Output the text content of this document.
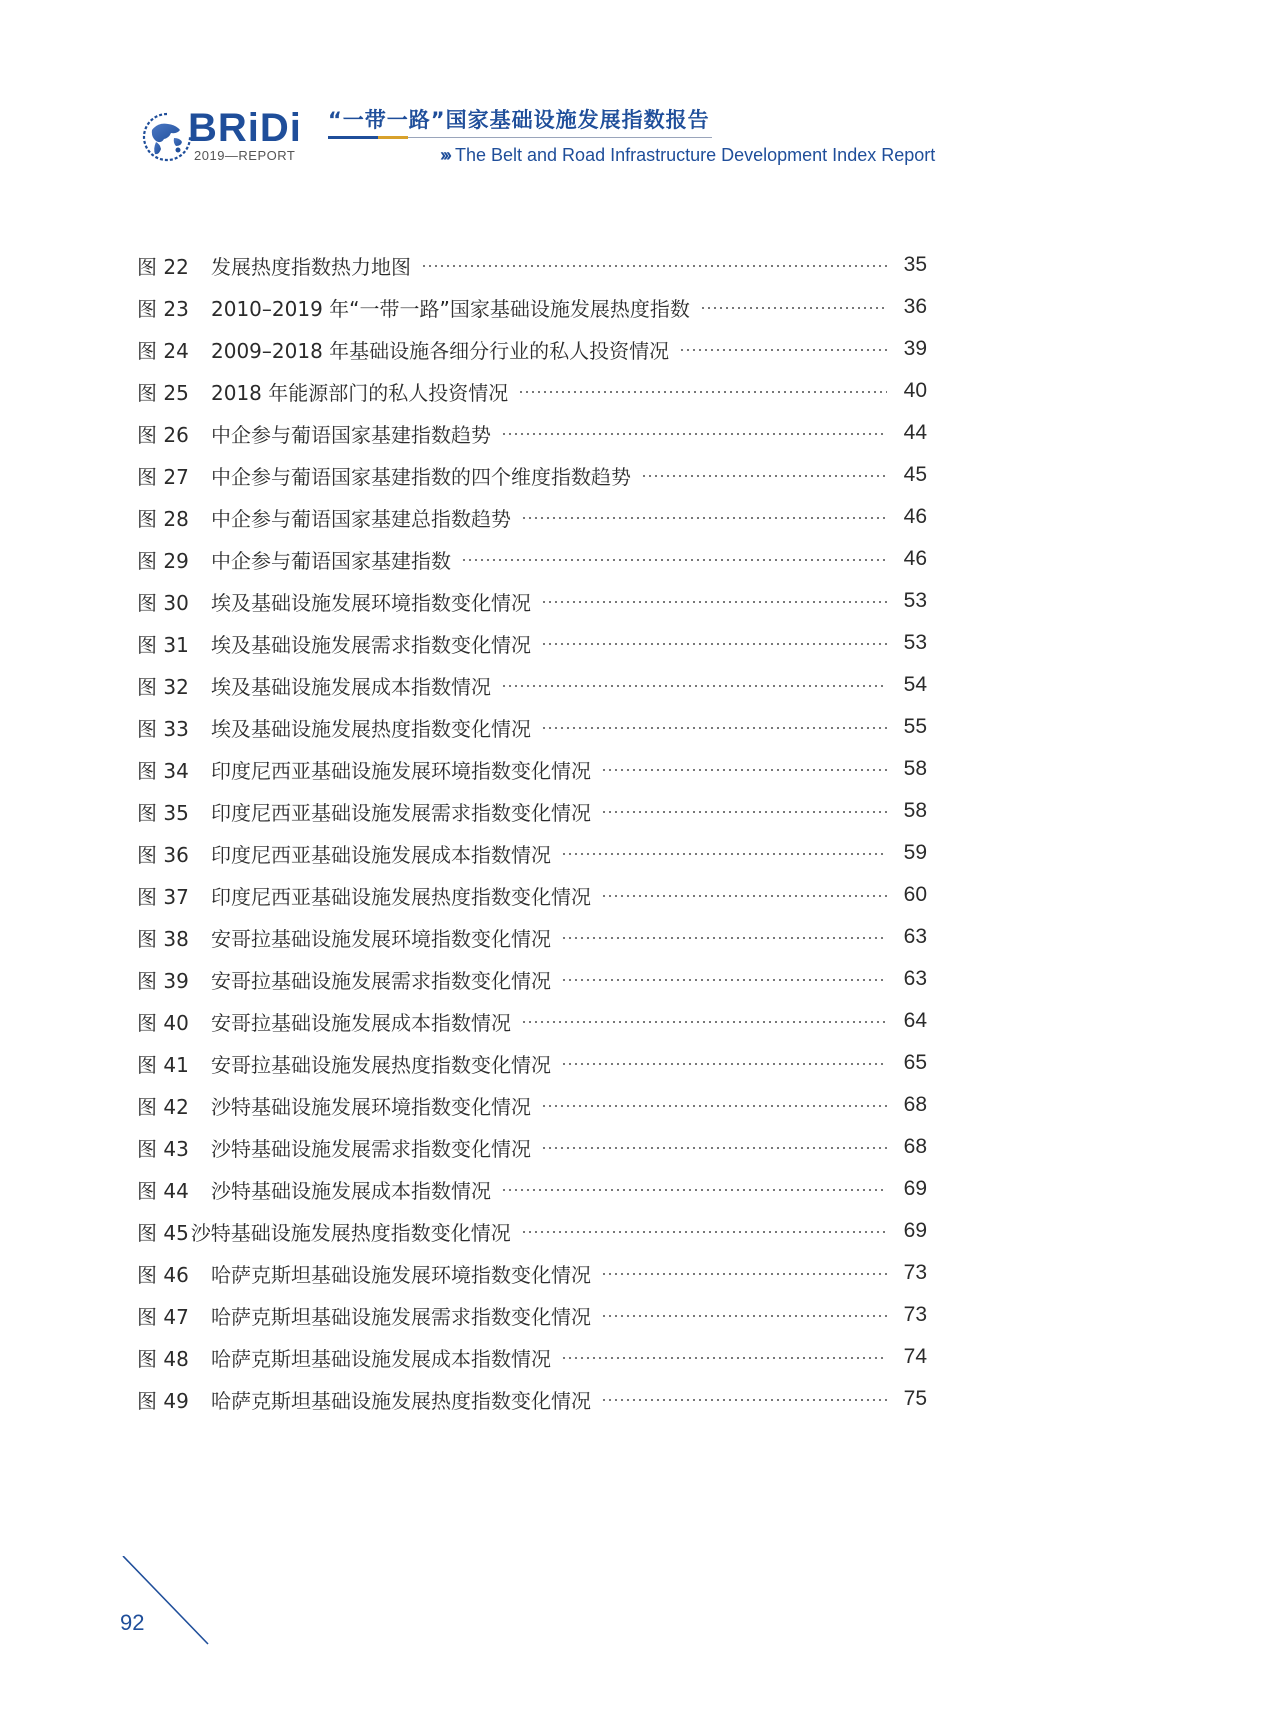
BRiDi
2019—REPORT
“一带一路”国家基础设施发展指数报告
››› The Belt and Road Infrastructure Development Index Report
图 22	发展热度指数热力地图	35
图 23	2010–2019 年“一带一路”国家基础设施发展热度指数	36
图 24	2009–2018 年基础设施各细分行业的私人投资情况	39
图 25	2018 年能源部门的私人投资情况	40
图 26	中企参与葡语国家基建指数趋势	44
图 27	中企参与葡语国家基建指数的四个维度指数趋势	45
图 28	中企参与葡语国家基建总指数趋势	46
图 29	中企参与葡语国家基建指数	46
图 30	埃及基础设施发展环境指数变化情况	53
图 31	埃及基础设施发展需求指数变化情况	53
图 32	埃及基础设施发展成本指数情况	54
图 33	埃及基础设施发展热度指数变化情况	55
图 34	印度尼西亚基础设施发展环境指数变化情况	58
图 35	印度尼西亚基础设施发展需求指数变化情况	58
图 36	印度尼西亚基础设施发展成本指数情况	59
图 37	印度尼西亚基础设施发展热度指数变化情况	60
图 38	安哥拉基础设施发展环境指数变化情况	63
图 39	安哥拉基础设施发展需求指数变化情况	63
图 40	安哥拉基础设施发展成本指数情况	64
图 41	安哥拉基础设施发展热度指数变化情况	65
图 42	沙特基础设施发展环境指数变化情况	68
图 43	沙特基础设施发展需求指数变化情况	68
图 44	沙特基础设施发展成本指数情况	69
图 45 沙特基础设施发展热度指数变化情况	69
图 46	哈萨克斯坦基础设施发展环境指数变化情况	73
图 47	哈萨克斯坦基础设施发展需求指数变化情况	73
图 48	哈萨克斯坦基础设施发展成本指数情况	74
图 49	哈萨克斯坦基础设施发展热度指数变化情况	75
92
